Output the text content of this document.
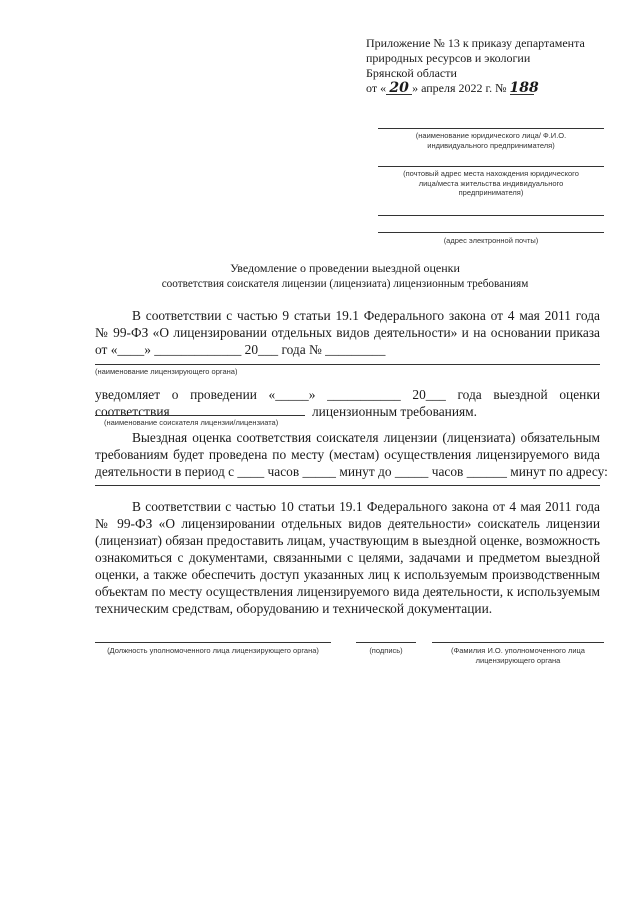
Приложение № 13 к приказу департамента
природных ресурсов и экологии
Брянской области
от « 20 » апреля 2022 г. № 188
(наименование юридического лица/ Ф.И.О.
индивидуального предпринимателя)
(почтовый адрес места нахождения юридического
лица/места жительства индивидуального
предпринимателя)
(адрес электронной почты)
Уведомление о проведении выездной оценки
соответствия соискателя лицензии (лицензиата) лицензионным требованиям
В соответствии с частью 9 статьи 19.1 Федерального закона от 4 мая 2011 года
№ 99-ФЗ «О лицензировании отдельных видов деятельности» и на основании приказа
от «____» _____________ 20___ года № _________
(наименование лицензирующего органа)
уведомляет о проведении «_____» ___________ 20___ года выездной оценки соответствия	лицензионным требованиям.
(наименование соискателя лицензии/лицензиата)
Выездная оценка соответствия соискателя лицензии (лицензиата) обязательным
требованиям будет проведена по месту (местам) осуществления лицензируемого вида
деятельности в период с ____ часов _____ минут до _____ часов ______ минут по адресу:
В соответствии с частью 10 статьи 19.1 Федерального закона от 4 мая 2011 года
№ 99-ФЗ «О лицензировании отдельных видов деятельности» соискатель лицензии
(лицензиат) обязан предоставить лицам, участвующим в выездной оценке, возможность
ознакомиться с документами, связанными с целями, задачами и предметом выездной
оценки, а также обеспечить доступ указанных лиц к используемым производственным
объектам по месту осуществления лицензируемого вида деятельности, к используемым
техническим средствам, оборудованию и технической документации.
(Должность уполномоченного лица лицензирующего органа)	(подпись)	(Фамилия И.О. уполномоченного лица
лицензирующего органа
